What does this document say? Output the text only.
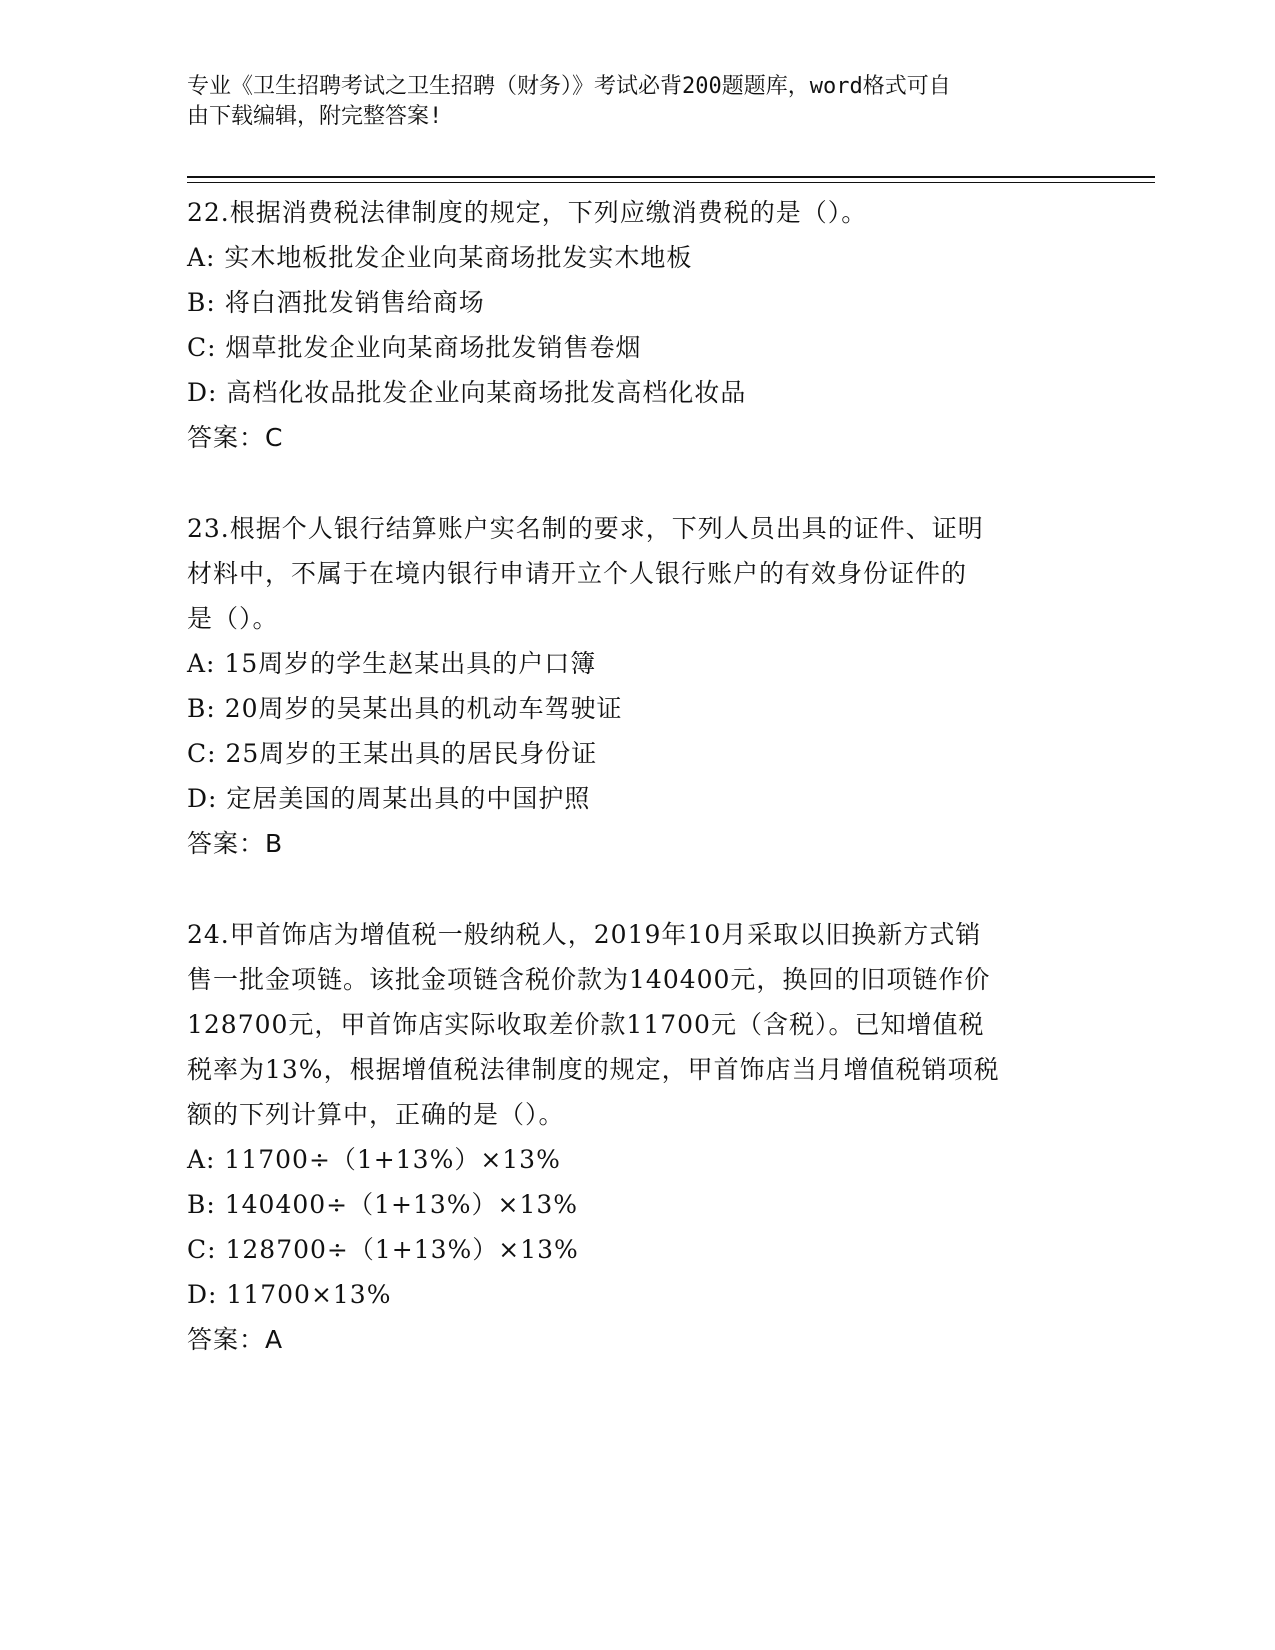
专业《卫生招聘考试之卫生招聘（财务）》考试必背200题题库，word格式可自
由下载编辑，附完整答案!
22.根据消费税法律制度的规定，下列应缴消费税的是（）。
A: 实木地板批发企业向某商场批发实木地板
B: 将白酒批发销售给商场
C: 烟草批发企业向某商场批发销售卷烟
D: 高档化妆品批发企业向某商场批发高档化妆品
答案：C
23.根据个人银行结算账户实名制的要求，下列人员出具的证件、证明
材料中，不属于在境内银行申请开立个人银行账户的有效身份证件的
是（）。
A: 15周岁的学生赵某出具的户口簿
B: 20周岁的吴某出具的机动车驾驶证
C: 25周岁的王某出具的居民身份证
D: 定居美国的周某出具的中国护照
答案：B
24.甲首饰店为增值税一般纳税人，2019年10月采取以旧换新方式销
售一批金项链。该批金项链含税价款为140400元，换回的旧项链作价
128700元，甲首饰店实际收取差价款11700元（含税）。已知增值税
税率为13%，根据增值税法律制度的规定，甲首饰店当月增值税销项税
额的下列计算中，正确的是（）。
A: 11700÷（1+13%）×13%
B: 140400÷（1+13%）×13%
C: 128700÷（1+13%）×13%
D: 11700×13%
答案：A
